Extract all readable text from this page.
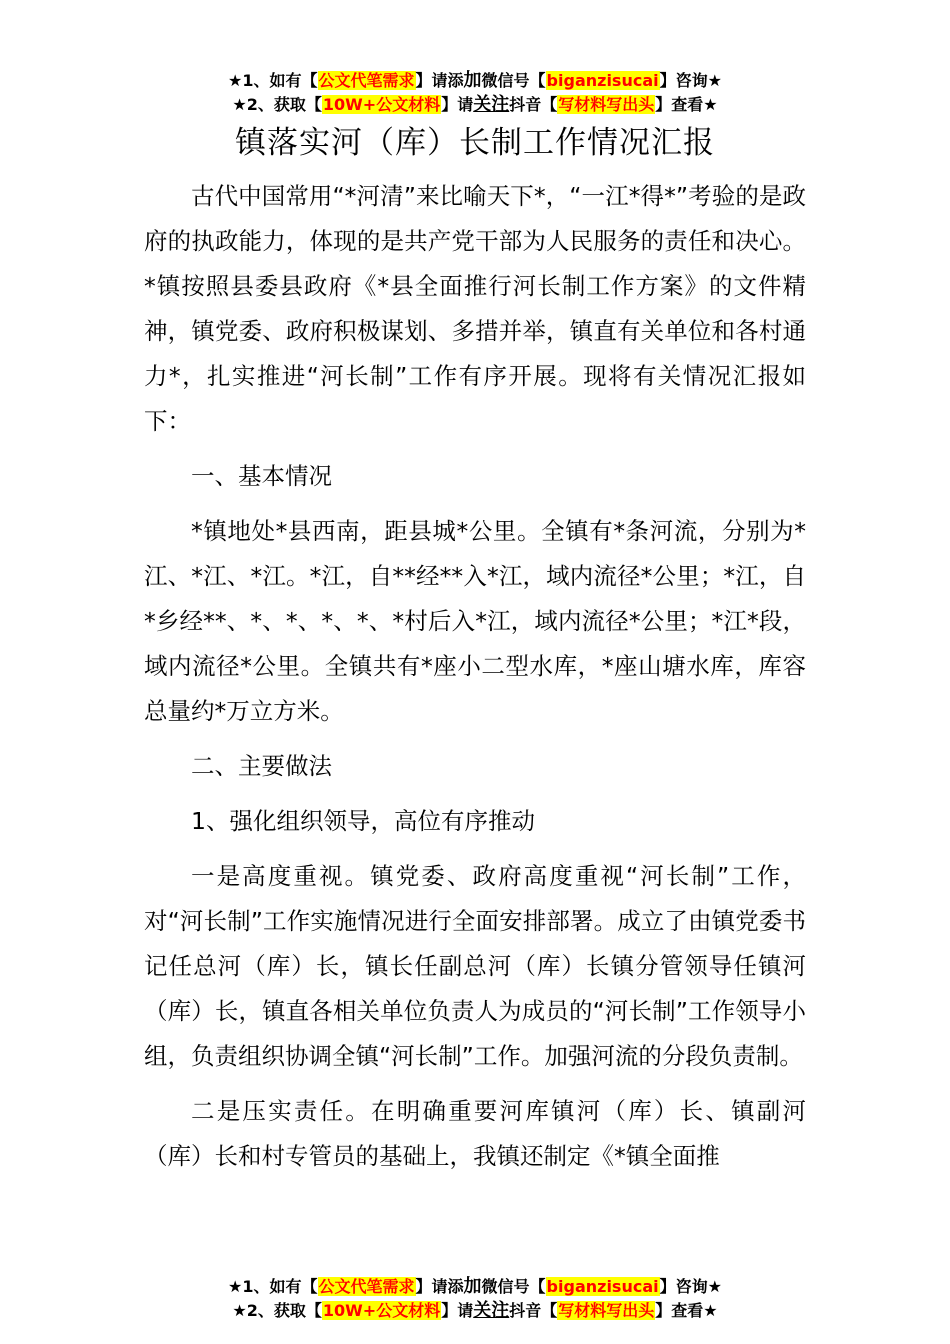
★1、如有【公文代笔需求】请添加微信号【biganzisucai】咨询★
★2、获取【10W+公文材料】请关注抖音【写材料写出头】查看★
镇落实河（库）长制工作情况汇报

古代中国常用“*河清”来比喻天下*，“一江*得*”考验的是政府的执政能力，体现的是共产党干部为人民服务的责任和决心。*镇按照县委县政府《*县全面推行河长制工作方案》的文件精神，镇党委、政府积极谋划、多措并举，镇直有关单位和各村通力*，扎实推进“河长制”工作有序开展。现将有关情况汇报如下：

一、基本情况

*镇地处*县西南，距县城*公里。全镇有*条河流，分别为*江、*江、*江。*江，自**经**入*江，域内流径*公里；*江，自*乡经**、*、*、*、*、*村后入*江，域内流径*公里；*江*段，域内流径*公里。全镇共有*座小二型水库，*座山塘水库，库容总量约*万立方米。

二、主要做法

1、强化组织领导，高位有序推动

一是高度重视。镇党委、政府高度重视“河长制”工作，对“河长制”工作实施情况进行全面安排部署。成立了由镇党委书记任总河（库）长，镇长任副总河（库）长镇分管领导任镇河（库）长，镇直各相关单位负责人为成员的“河长制”工作领导小组，负责组织协调全镇“河长制”工作。加强河流的分段负责制。

二是压实责任。在明确重要河库镇河（库）长、镇副河（库）长和村专管员的基础上，我镇还制定《*镇全面推

★1、如有【公文代笔需求】请添加微信号【biganzisucai】咨询★
★2、获取【10W+公文材料】请关注抖音【写材料写出头】查看★
